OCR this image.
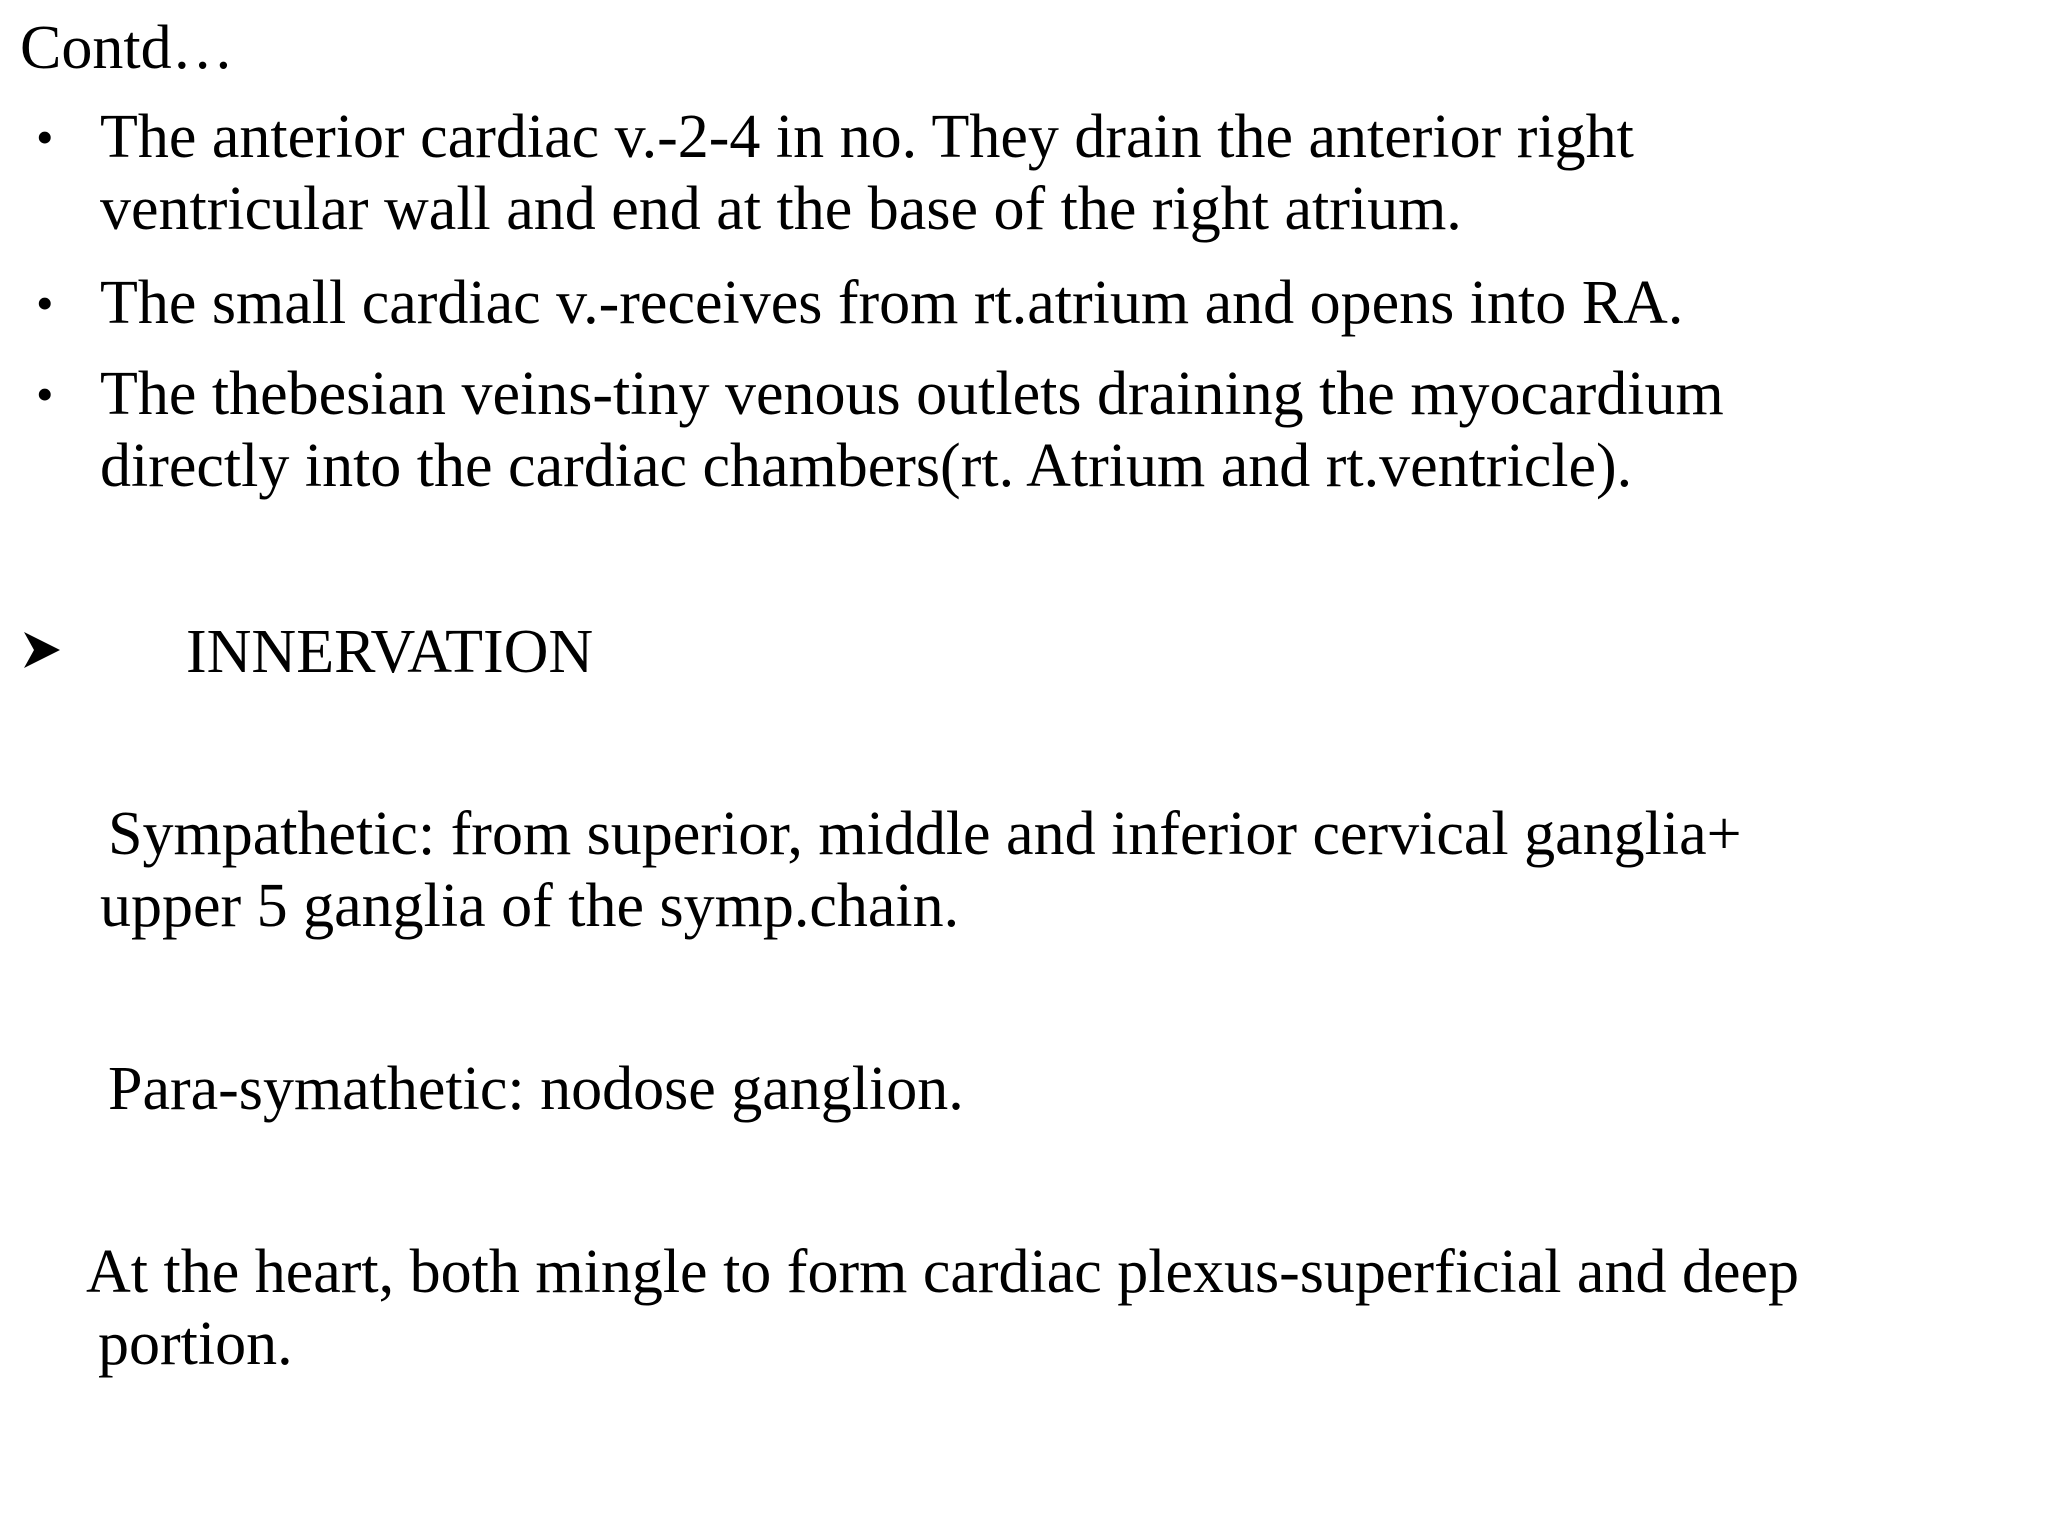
Contd…
• The anterior cardiac v.-2-4 in no. They drain the anterior right
ventricular wall and end at the base of the right atrium.
• The small cardiac v.-receives from rt.atrium and opens into RA.
• The thebesian veins-tiny venous outlets draining the myocardium
directly into the cardiac chambers(rt. Atrium and rt.ventricle).
INNERVATION
Sympathetic: from superior, middle and inferior cervical ganglia+
upper 5 ganglia of the symp.chain.
Para-symathetic: nodose ganglion.
At the heart, both mingle to form cardiac plexus-superficial and deep
portion.
